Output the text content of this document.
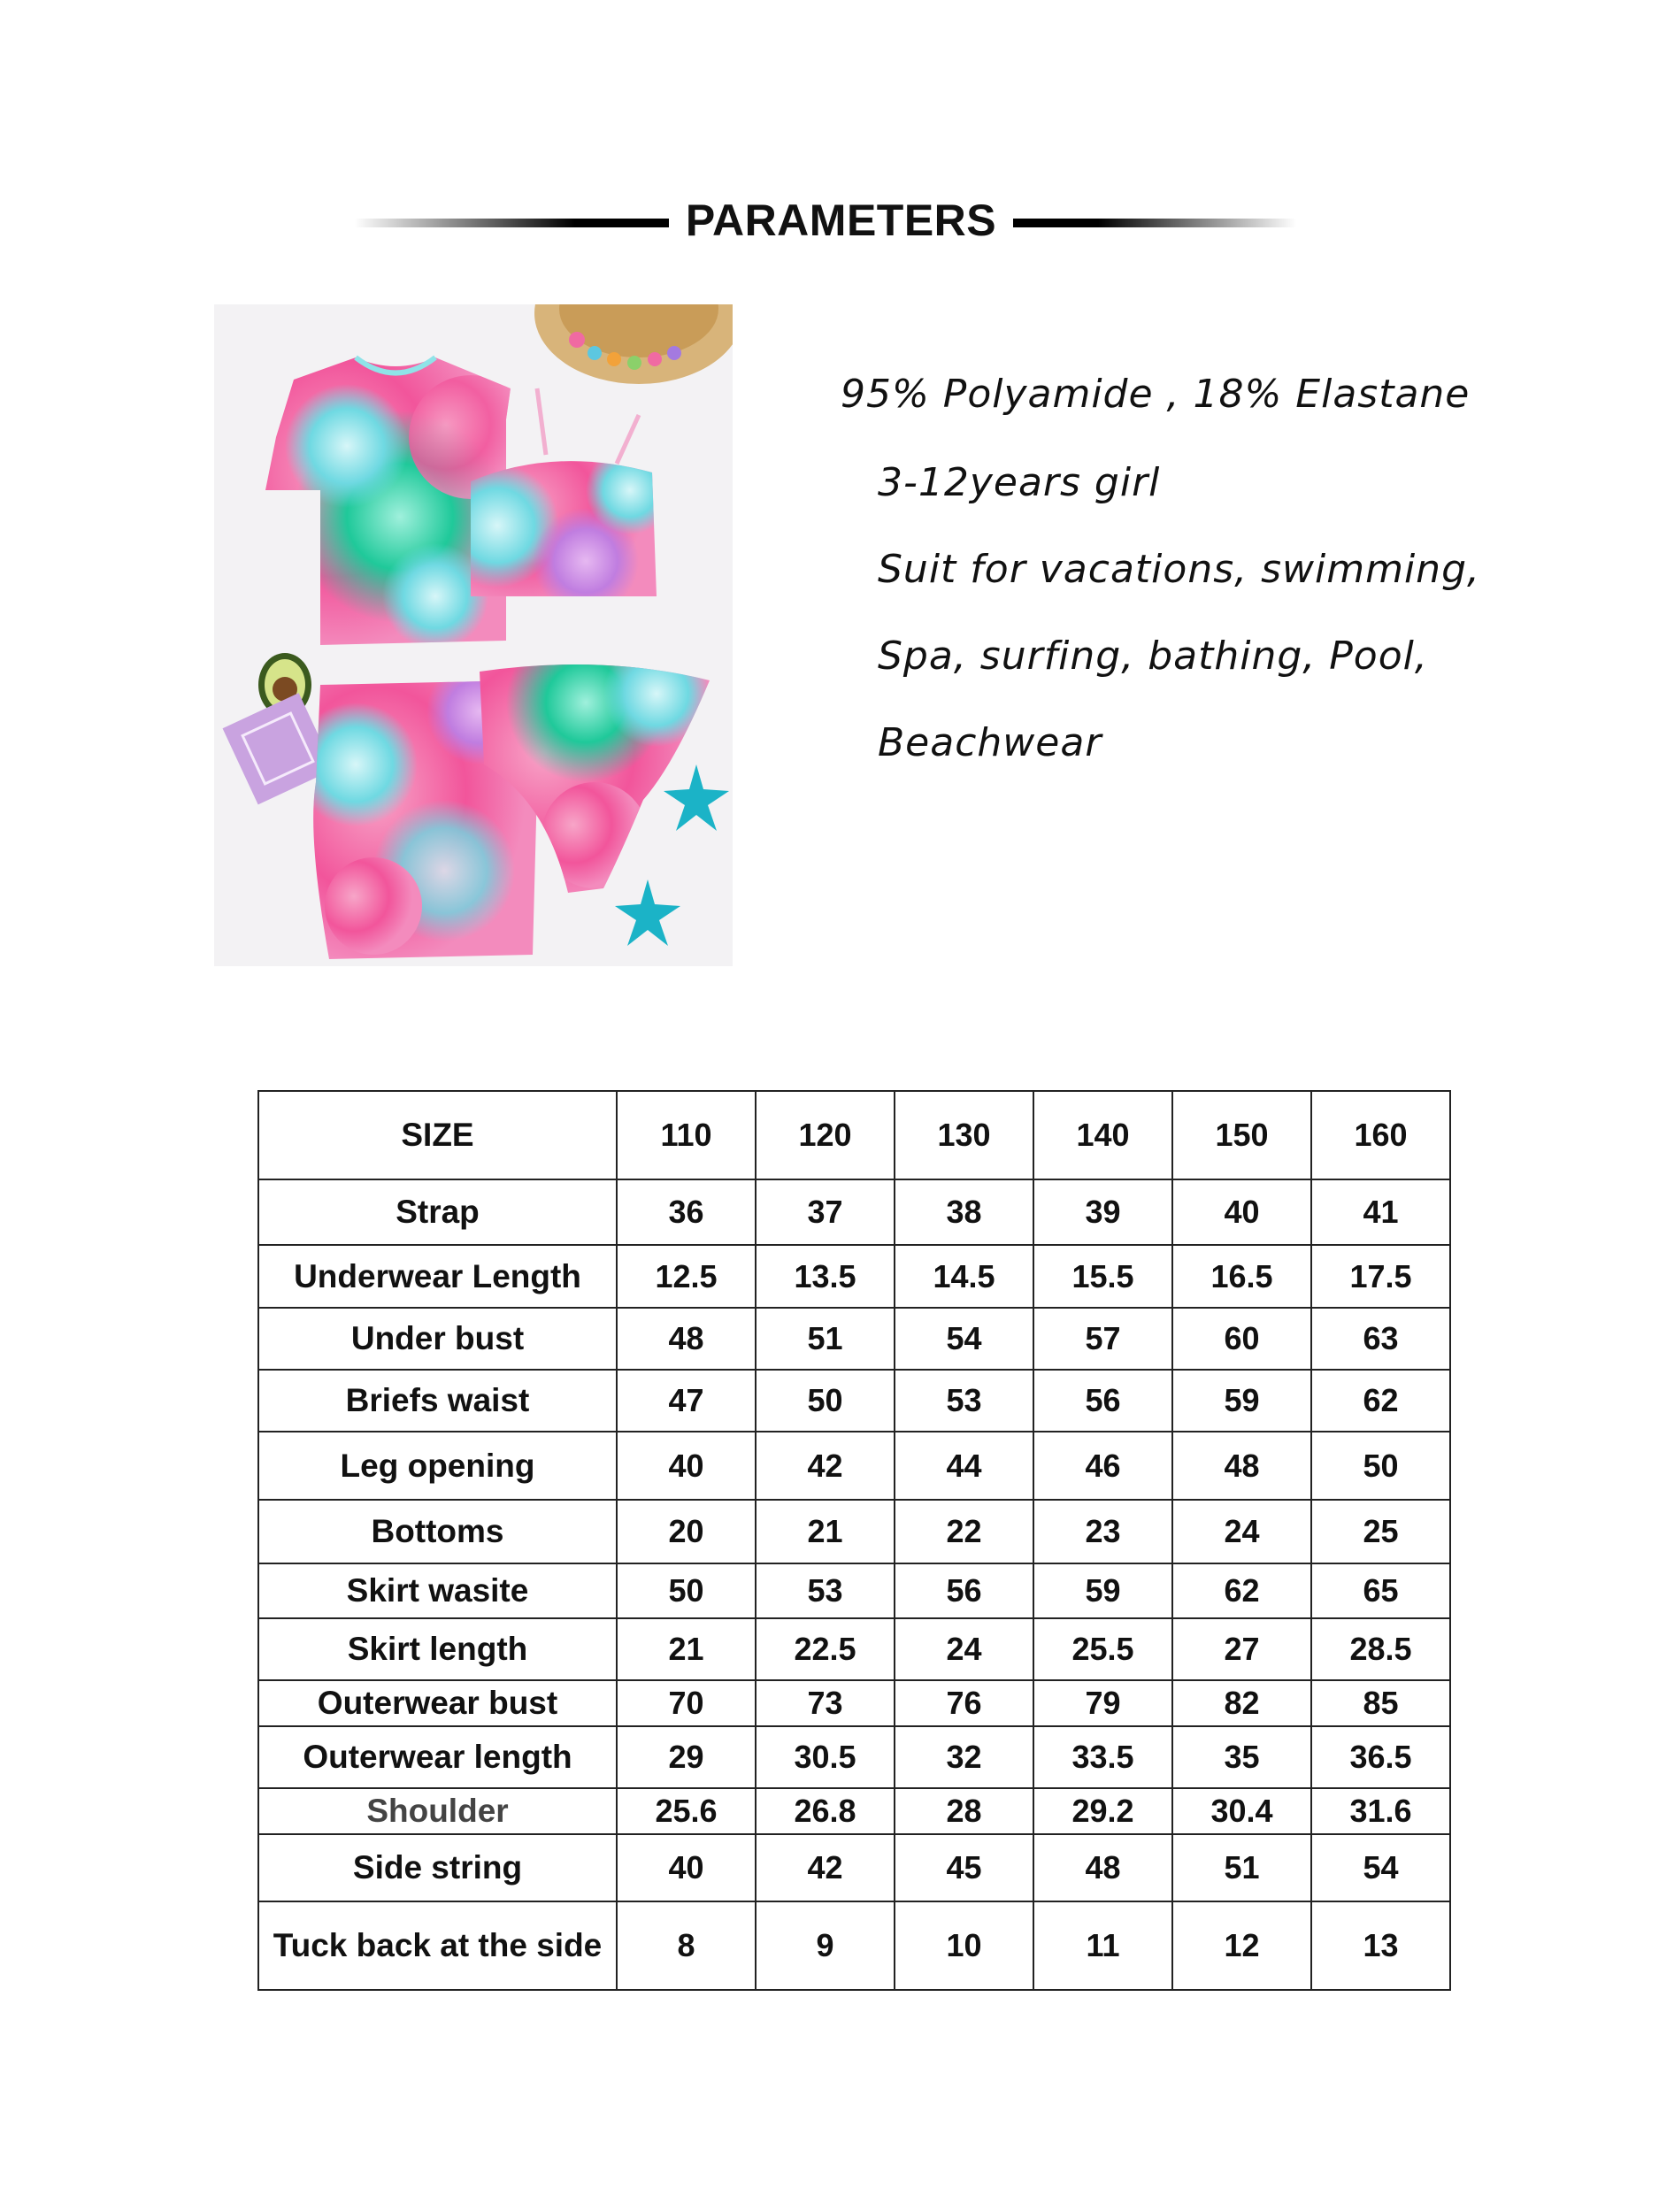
PARAMETERS
95% Polyamide , 18% Elastane
3-12years girl
Suit for vacations, swimming,
Spa, surfing, bathing, Pool,
Beachwear
SIZE	110	120	130	140	150	160
Strap	36	37	38	39	40	41
Underwear Length	12.5	13.5	14.5	15.5	16.5	17.5
Under bust	48	51	54	57	60	63
Briefs waist	47	50	53	56	59	62
Leg opening	40	42	44	46	48	50
Bottoms	20	21	22	23	24	25
Skirt wasite	50	53	56	59	62	65
Skirt length	21	22.5	24	25.5	27	28.5
Outerwear bust	70	73	76	79	82	85
Outerwear length	29	30.5	32	33.5	35	36.5
Shoulder	25.6	26.8	28	29.2	30.4	31.6
Side string	40	42	45	48	51	54
Tuck back at the side	8	9	10	11	12	13
